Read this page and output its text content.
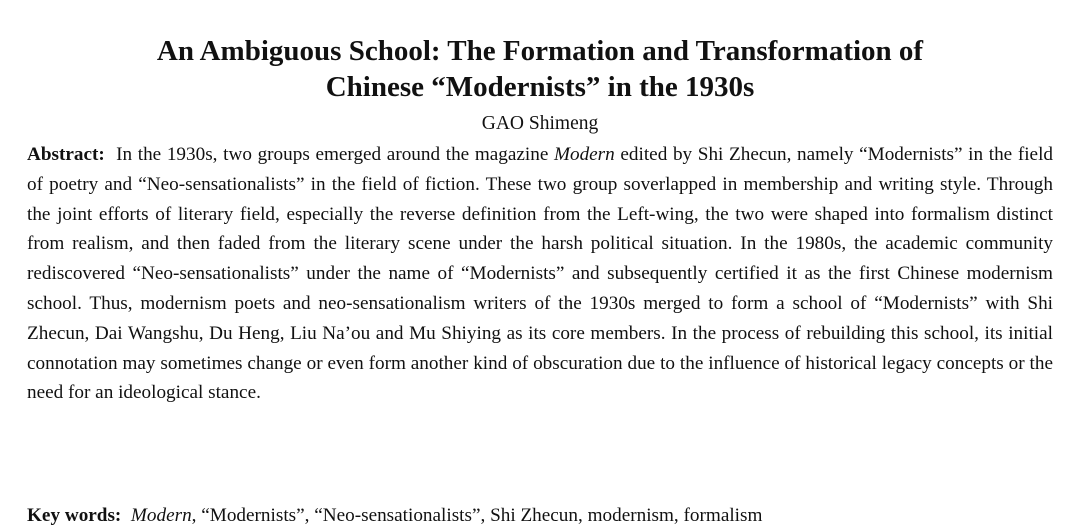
An Ambiguous School: The Formation and Transformation of
Chinese “Modernists” in the 1930s
GAO Shimeng

Abstract: In the 1930s, two groups emerged around the magazine Modern edited by Shi Zhecun, namely “Modernists” in the field of poetry and “Neo-sensationalists” in the field of fiction. These two group soverlapped in membership and writing style. Through the joint efforts of literary field, especially the reverse definition from the Left-wing, the two were shaped into formalism distinct from realism, and then faded from the literary scene under the harsh political situation. In the 1980s, the academic community rediscovered “Neo-sensationalists” under the name of “Modernists” and subsequently certified it as the first Chinese modernism school. Thus, modernism poets and neo-sensationalism writers of the 1930s merged to form a school of “Modernists” with Shi Zhecun, Dai Wangshu, Du Heng, Liu Na’ou and Mu Shiying as its core members. In the process of rebuilding this school, its initial connotation may sometimes change or even form another kind of obscuration due to the influence of historical legacy concepts or the need for an ideological stance.

Key words: Modern, “Modernists”, “Neo-sensationalists”, Shi Zhecun, modernism, formalism
